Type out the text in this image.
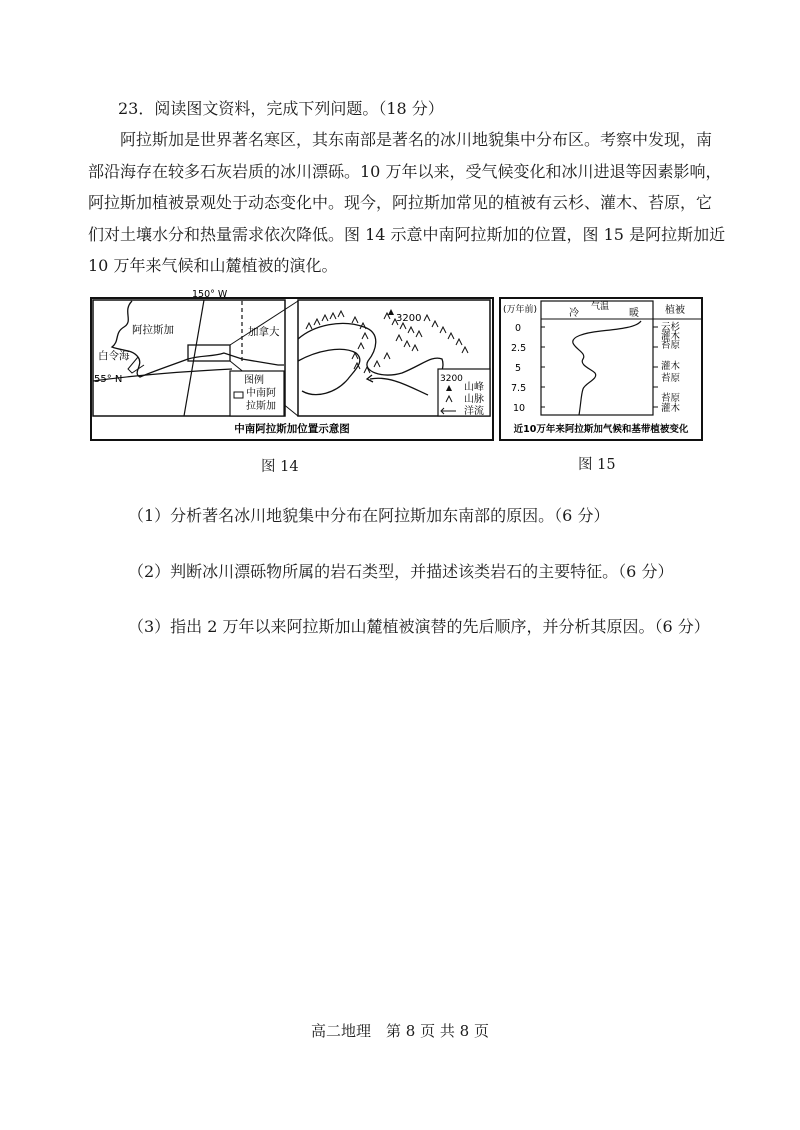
23．阅读图文资料，完成下列问题。（18 分）
阿拉斯加是世界著名寒区，其东南部是著名的冰川地貌集中分布区。考察中发现，南
部沿海存在较多石灰岩质的冰川漂砾。10 万年以来，受气候变化和冰川进退等因素影响，
阿拉斯加植被景观处于动态变化中。现今，阿拉斯加常见的植被有云杉、灌木、苔原，它
们对土壤水分和热量需求依次降低。图 14 示意中南阿拉斯加的位置，图 15 是阿拉斯加近
10 万年来气候和山麓植被的演化。
图例
中南阿
拉斯加
150° W
阿拉斯加	加拿大
白令海
55° N
3200
3200
山峰
山脉
洋流
中南阿拉斯加位置示意图
图 14
(万年前)	气温
冷	暖	植被
0
2.5
5
7.5
10
云杉
灌木
苔原
灌木
苔原
苔原
灌木
近10万年来阿拉斯加气候和基带植被变化
图 15
（1）分析著名冰川地貌集中分布在阿拉斯加东南部的原因。（6 分）
（2）判断冰川漂砾物所属的岩石类型，并描述该类岩石的主要特征。（6 分）
（3）指出 2 万年以来阿拉斯加山麓植被演替的先后顺序，并分析其原因。（6 分）
高二地理　第 8 页 共 8 页
